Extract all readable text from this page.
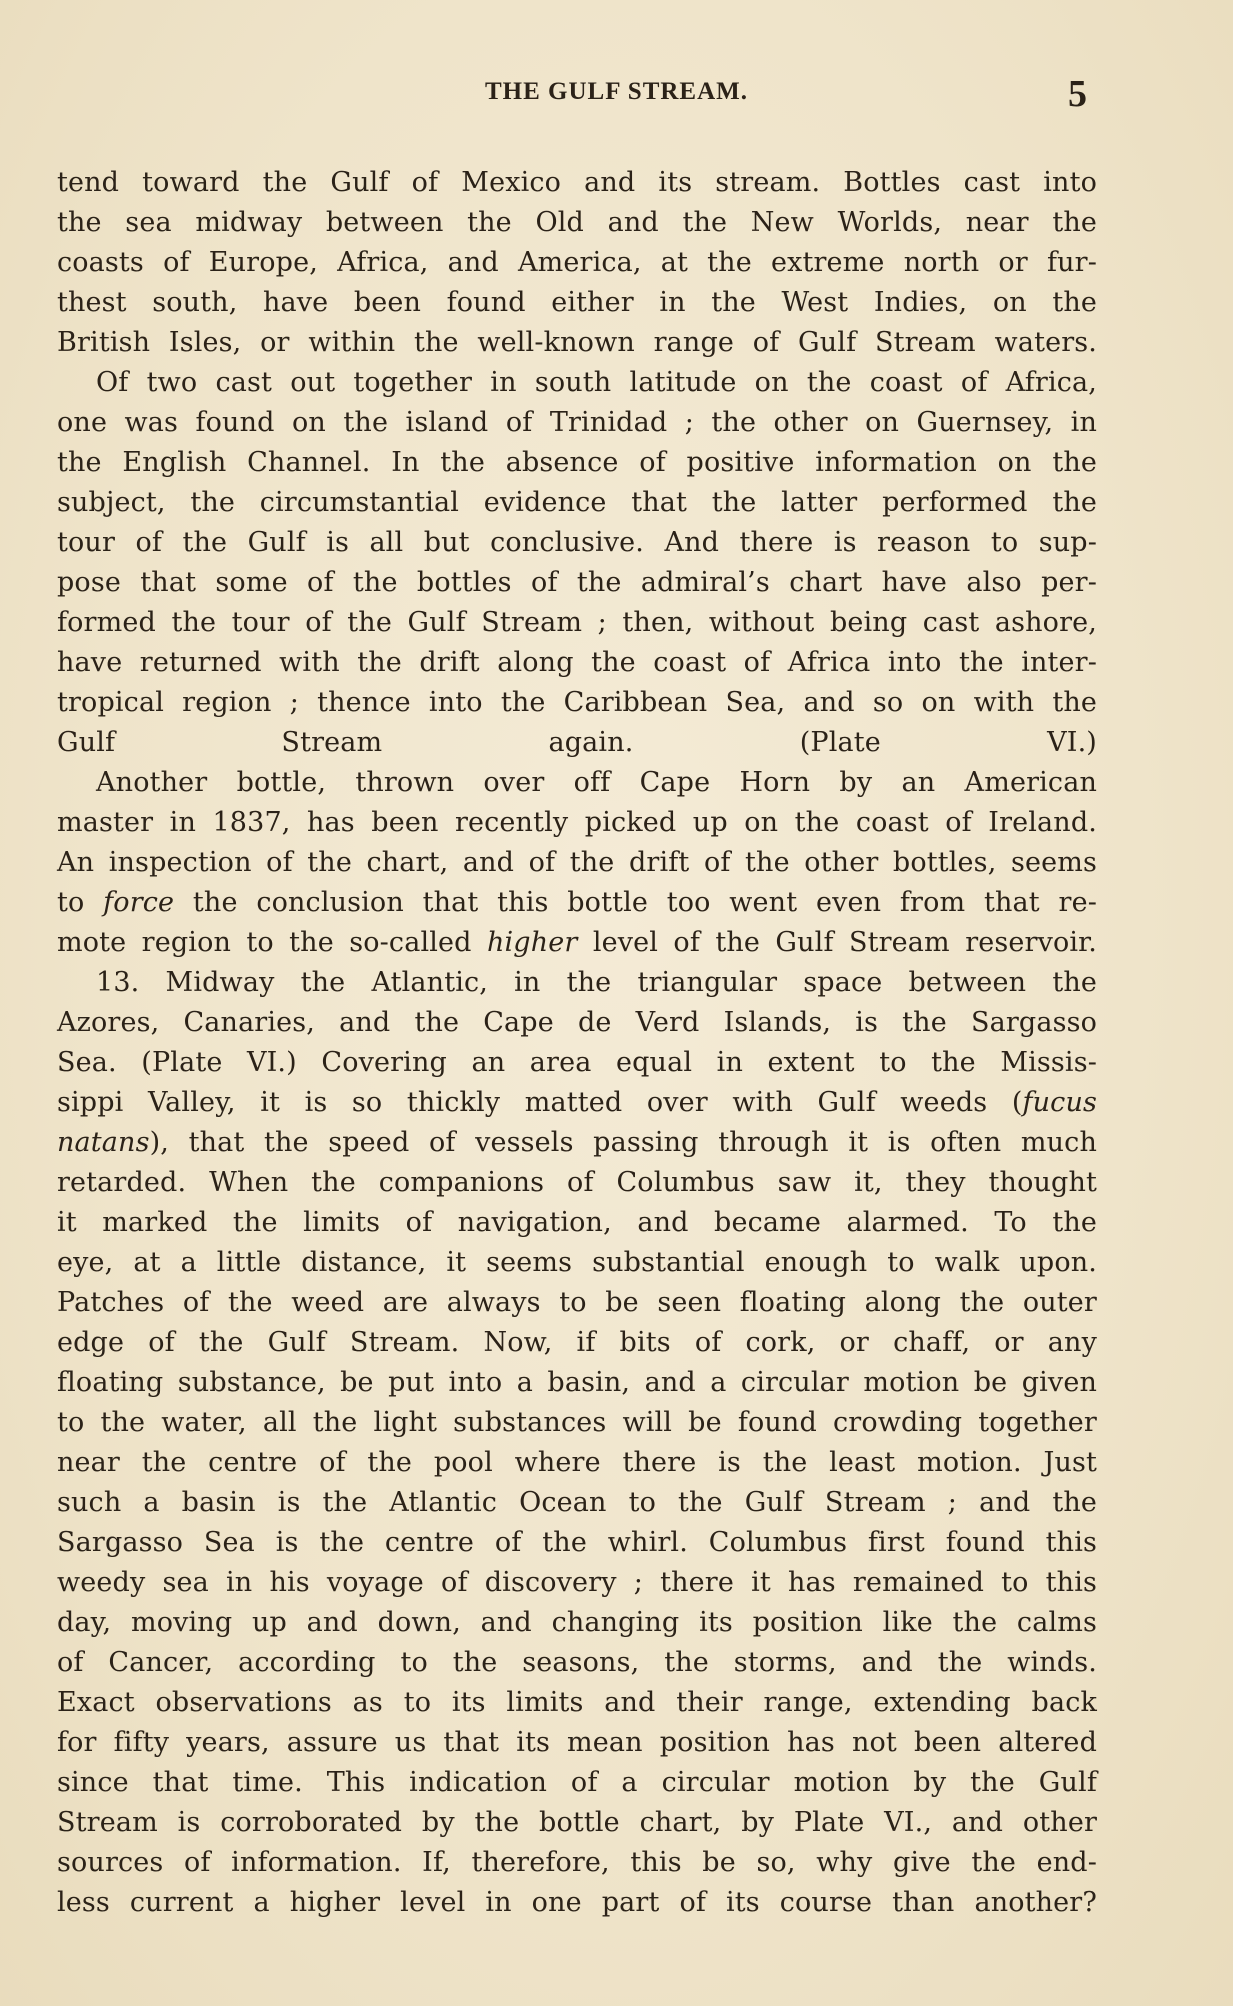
THE GULF STREAM.	5
tend toward the Gulf of Mexico and its stream. Bottles cast into
the sea midway between the Old and the New Worlds, near the
coasts of Europe, Africa, and America, at the extreme north or fur-
thest south, have been found either in the West Indies, on the
British Isles, or within the well-known range of Gulf Stream waters.
Of two cast out together in south latitude on the coast of Africa,
one was found on the island of Trinidad ; the other on Guernsey, in
the English Channel. In the absence of positive information on the
subject, the circumstantial evidence that the latter performed the
tour of the Gulf is all but conclusive. And there is reason to sup-
pose that some of the bottles of the admiral’s chart have also per-
formed the tour of the Gulf Stream ; then, without being cast ashore,
have returned with the drift along the coast of Africa into the inter-
tropical region ; thence into the Caribbean Sea, and so on with the
Gulf Stream again. (Plate VI.)
Another bottle, thrown over off Cape Horn by an American
master in 1837, has been recently picked up on the coast of Ireland.
An inspection of the chart, and of the drift of the other bottles, seems
to force the conclusion that this bottle too went even from that re-
mote region to the so-called higher level of the Gulf Stream reservoir.
13. Midway the Atlantic, in the triangular space between the
Azores, Canaries, and the Cape de Verd Islands, is the Sargasso
Sea. (Plate VI.) Covering an area equal in extent to the Missis-
sippi Valley, it is so thickly matted over with Gulf weeds (fucus
natans), that the speed of vessels passing through it is often much
retarded. When the companions of Columbus saw it, they thought
it marked the limits of navigation, and became alarmed. To the
eye, at a little distance, it seems substantial enough to walk upon.
Patches of the weed are always to be seen floating along the outer
edge of the Gulf Stream. Now, if bits of cork, or chaff, or any
floating substance, be put into a basin, and a circular motion be given
to the water, all the light substances will be found crowding together
near the centre of the pool where there is the least motion. Just
such a basin is the Atlantic Ocean to the Gulf Stream ; and the
Sargasso Sea is the centre of the whirl. Columbus first found this
weedy sea in his voyage of discovery ; there it has remained to this
day, moving up and down, and changing its position like the calms
of Cancer, according to the seasons, the storms, and the winds.
Exact observations as to its limits and their range, extending back
for fifty years, assure us that its mean position has not been altered
since that time. This indication of a circular motion by the Gulf
Stream is corroborated by the bottle chart, by Plate VI., and other
sources of information. If, therefore, this be so, why give the end-
less current a higher level in one part of its course than another?
